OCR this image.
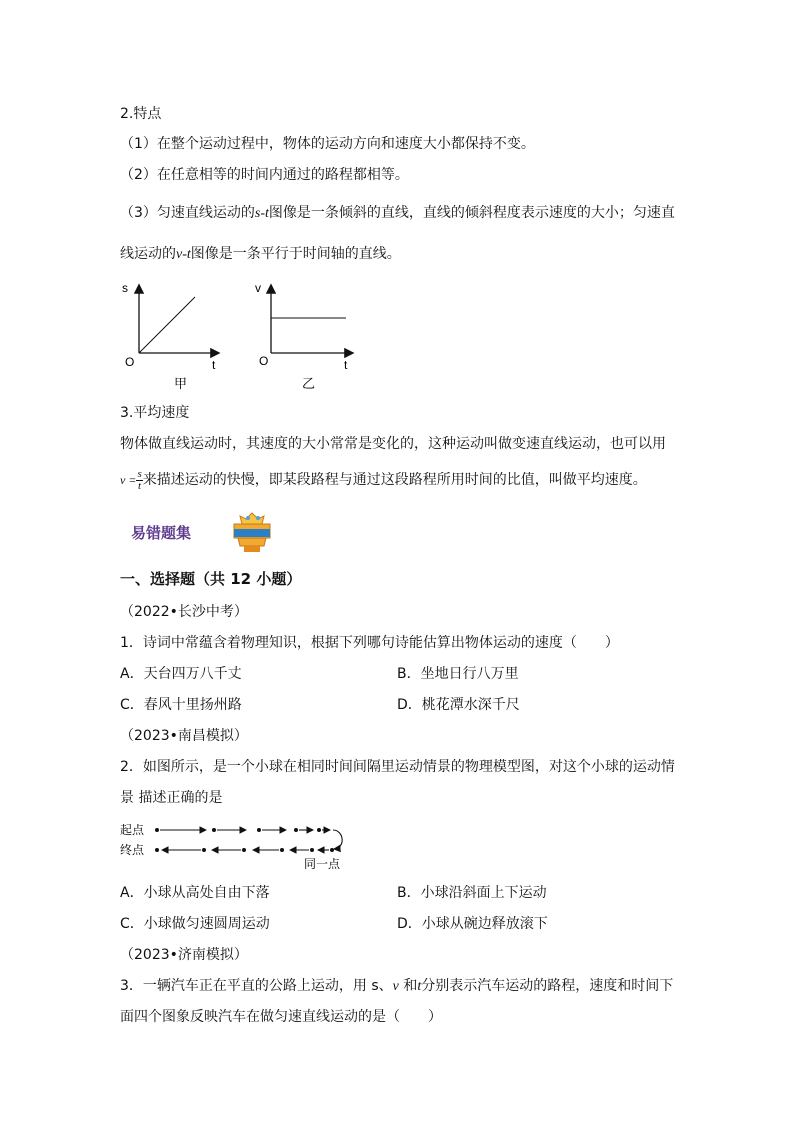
2.特点
（1）在整个运动过程中，物体的运动方向和速度大小都保持不变。
（2）在任意相等的时间内通过的路程都相等。
（3）匀速直线运动的s-t图像是一条倾斜的直线，直线的倾斜程度表示速度的大小；匀速直
线运动的v-t图像是一条平行于时间轴的直线。
s
t
O
甲
v
t
O
乙
3.平均速度
物体做直线运动时，其速度的大小常常是变化的，这种运动叫做变速直线运动，也可以用
$v = \frac{s}{t}$ 来描述运动的快慢，即某段路程与通过这段路程所用时间的比值，叫做平均速度。
易错题集
一、选择题（共 12 小题）
（2022•长沙中考）
1．诗词中常蕴含着物理知识，根据下列哪句诗能估算出物体运动的速度（　　）
A．天台四万八千丈	B．坐地日行八万里
C．春风十里扬州路	D．桃花潭水深千尺
（2023•南昌模拟）
2．如图所示，是一个小球在相同时间间隔里运动情景的物理模型图，对这个小球的运动情
景 描述正确的是
起点
终点
同一点
A．小球从高处自由下落	B．小球沿斜面上下运动
C．小球做匀速圆周运动	D．小球从碗边释放滚下
（2023•济南模拟）
3．一辆汽车正在平直的公路上运动，用 s、v 和t分别表示汽车运动的路程，速度和时间下
面四个图象反映汽车在做匀速直线运动的是（　　）
